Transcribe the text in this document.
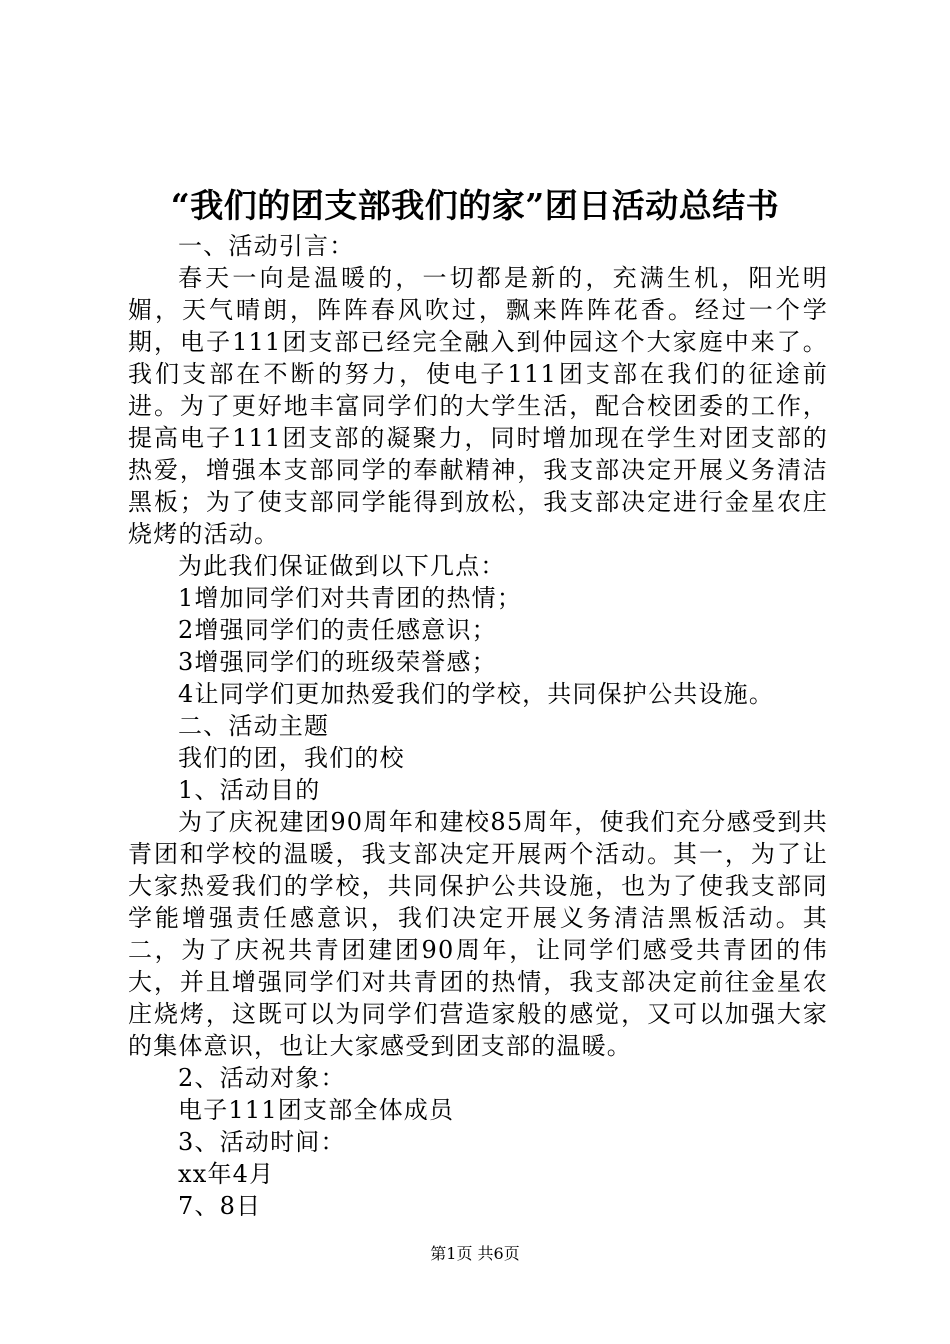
“我们的团支部我们的家”团日活动总结书

一、活动引言：

春天一向是温暖的，一切都是新的，充满生机，阳光明媚，天气晴朗，阵阵春风吹过，飘来阵阵花香。经过一个学期，电子111团支部已经完全融入到仲园这个大家庭中来了。我们支部在不断的努力，使电子111团支部在我们的征途前进。为了更好地丰富同学们的大学生活，配合校团委的工作，提高电子111团支部的凝聚力，同时增加现在学生对团支部的热爱，增强本支部同学的奉献精神，我支部决定开展义务清洁黑板；为了使支部同学能得到放松，我支部决定进行金星农庄烧烤的活动。

为此我们保证做到以下几点：

1增加同学们对共青团的热情；

2增强同学们的责任感意识；

3增强同学们的班级荣誉感；

4让同学们更加热爱我们的学校，共同保护公共设施。

二、活动主题

我们的团，我们的校

1、活动目的

为了庆祝建团90周年和建校85周年，使我们充分感受到共青团和学校的温暖，我支部决定开展两个活动。其一，为了让大家热爱我们的学校，共同保护公共设施，也为了使我支部同学能增强责任感意识，我们决定开展义务清洁黑板活动。其二，为了庆祝共青团建团90周年，让同学们感受共青团的伟大，并且增强同学们对共青团的热情，我支部决定前往金星农庄烧烤，这既可以为同学们营造家般的感觉，又可以加强大家的集体意识，也让大家感受到团支部的温暖。

2、活动对象：

电子111团支部全体成员

3、活动时间：

xx年4月

7、8日

第1页 共6页
